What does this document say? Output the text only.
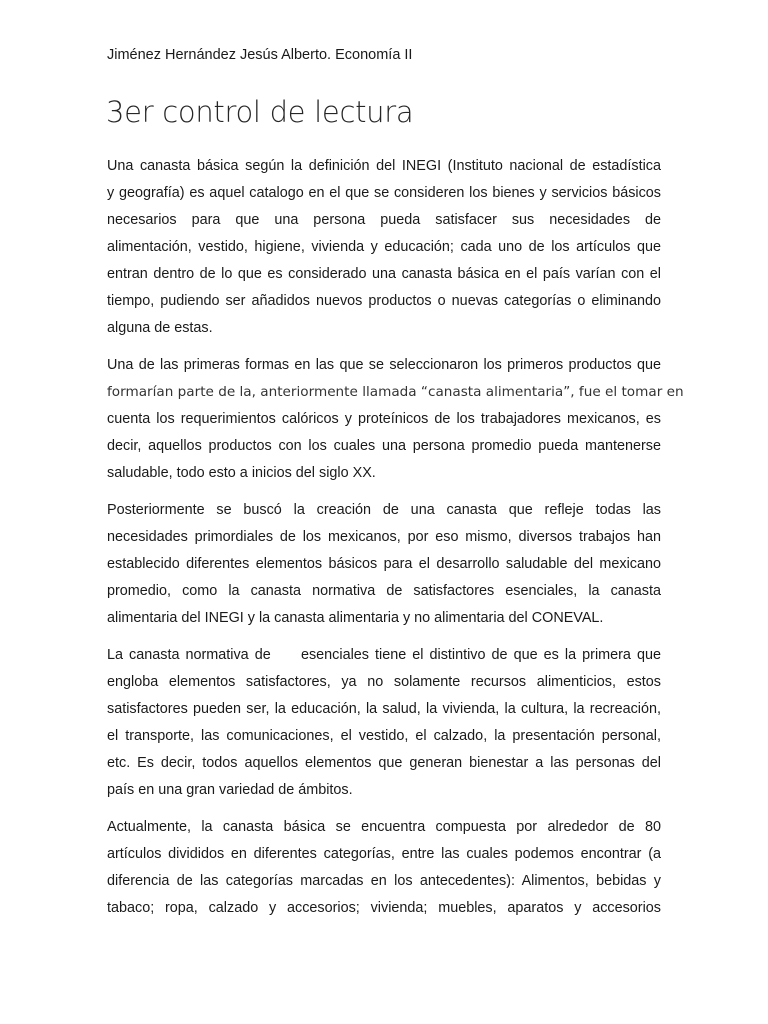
Jiménez Hernández Jesús Alberto. Economía II
3er control de lectura
Una canasta básica según la definición del INEGI (Instituto nacional de estadística
y geografía) es aquel catalogo en el que se consideren los bienes y servicios básicos
necesarios para que una persona pueda satisfacer sus necesidades de
alimentación, vestido, higiene, vivienda y educación; cada uno de los artículos que
entran dentro de lo que es considerado una canasta básica en el país varían con el
tiempo, pudiendo ser añadidos nuevos productos o nuevas categorías o eliminando
alguna de estas.
Una de las primeras formas en las que se seleccionaron los primeros productos que
formarían parte de la, anteriormente llamada “canasta alimentaria”, fue el tomar en
cuenta los requerimientos calóricos y proteínicos de los trabajadores mexicanos, es
decir, aquellos productos con los cuales una persona promedio pueda mantenerse
saludable, todo esto a inicios del siglo XX.
Posteriormente se buscó la creación de una canasta que refleje todas las
necesidades primordiales de los mexicanos, por eso mismo, diversos trabajos han
establecido diferentes elementos básicos para el desarrollo saludable del mexicano
promedio, como la canasta normativa de satisfactores esenciales, la canasta
alimentaria del INEGI y la canasta alimentaria y no alimentaria del CONEVAL.
La canasta normativa de     esenciales tiene el distintivo de que es la primera que
engloba elementos satisfactores, ya no solamente recursos alimenticios, estos
satisfactores pueden ser, la educación, la salud, la vivienda, la cultura, la recreación,
el transporte, las comunicaciones, el vestido, el calzado, la presentación personal,
etc. Es decir, todos aquellos elementos que generan bienestar a las personas del
país en una gran variedad de ámbitos.
Actualmente, la canasta básica se encuentra compuesta por alrededor de 80
artículos divididos en diferentes categorías, entre las cuales podemos encontrar (a
diferencia de las categorías marcadas en los antecedentes): Alimentos, bebidas y
tabaco; ropa, calzado y accesorios; vivienda; muebles, aparatos y accesorios
